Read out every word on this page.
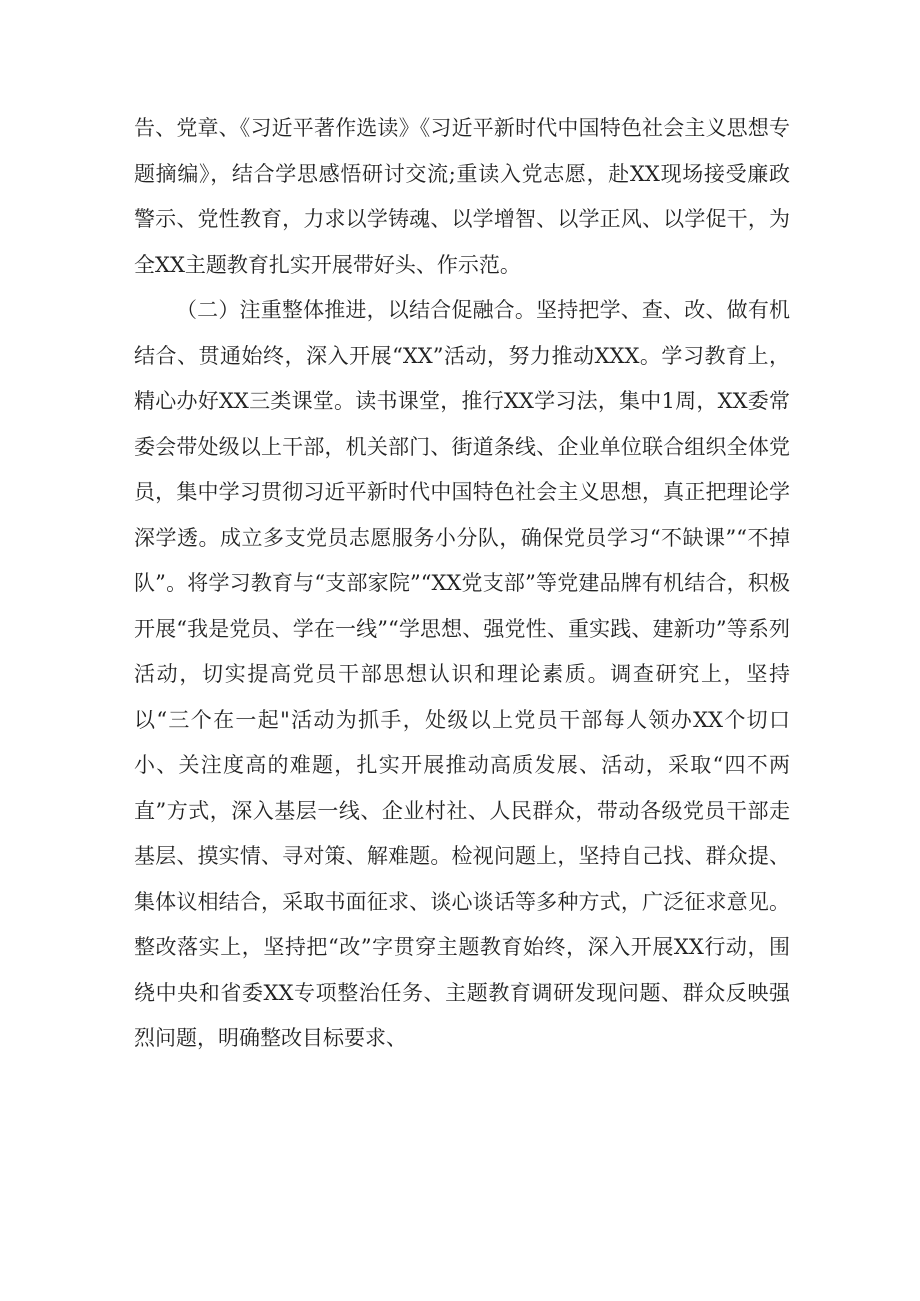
告、党章、《习近平著作选读》《习近平新时代中国特色社会主义思想专题摘编》，结合学思感悟研讨交流;重读入党志愿，赴XX现场接受廉政警示、党性教育，力求以学铸魂、以学增智、以学正风、以学促干，为全XX主题教育扎实开展带好头、作示范。

（二）注重整体推进，以结合促融合。坚持把学、查、改、做有机结合、贯通始终，深入开展“XX”活动，努力推动XXX。学习教育上，精心办好XX三类课堂。读书课堂，推行XX学习法，集中1周，XX委常委会带处级以上干部，机关部门、街道条线、企业单位联合组织全体党员，集中学习贯彻习近平新时代中国特色社会主义思想，真正把理论学深学透。成立多支党员志愿服务小分队，确保党员学习“不缺课”“不掉队”。将学习教育与“支部家院”“XX党支部”等党建品牌有机结合，积极开展“我是党员、学在一线”“学思想、强党性、重实践、建新功”等系列活动，切实提高党员干部思想认识和理论素质。调查研究上，坚持以“三个在一起"活动为抓手，处级以上党员干部每人领办XX个切口小、关注度高的难题，扎实开展推动高质发展、活动，采取“四不两直”方式，深入基层一线、企业村社、人民群众，带动各级党员干部走基层、摸实情、寻对策、解难题。检视问题上，坚持自己找、群众提、集体议相结合，采取书面征求、谈心谈话等多种方式，广泛征求意见。整改落实上，坚持把“改”字贯穿主题教育始终，深入开展XX行动，围绕中央和省委XX专项整治任务、主题教育调研发现问题、群众反映强烈问题，明确整改目标要求、
